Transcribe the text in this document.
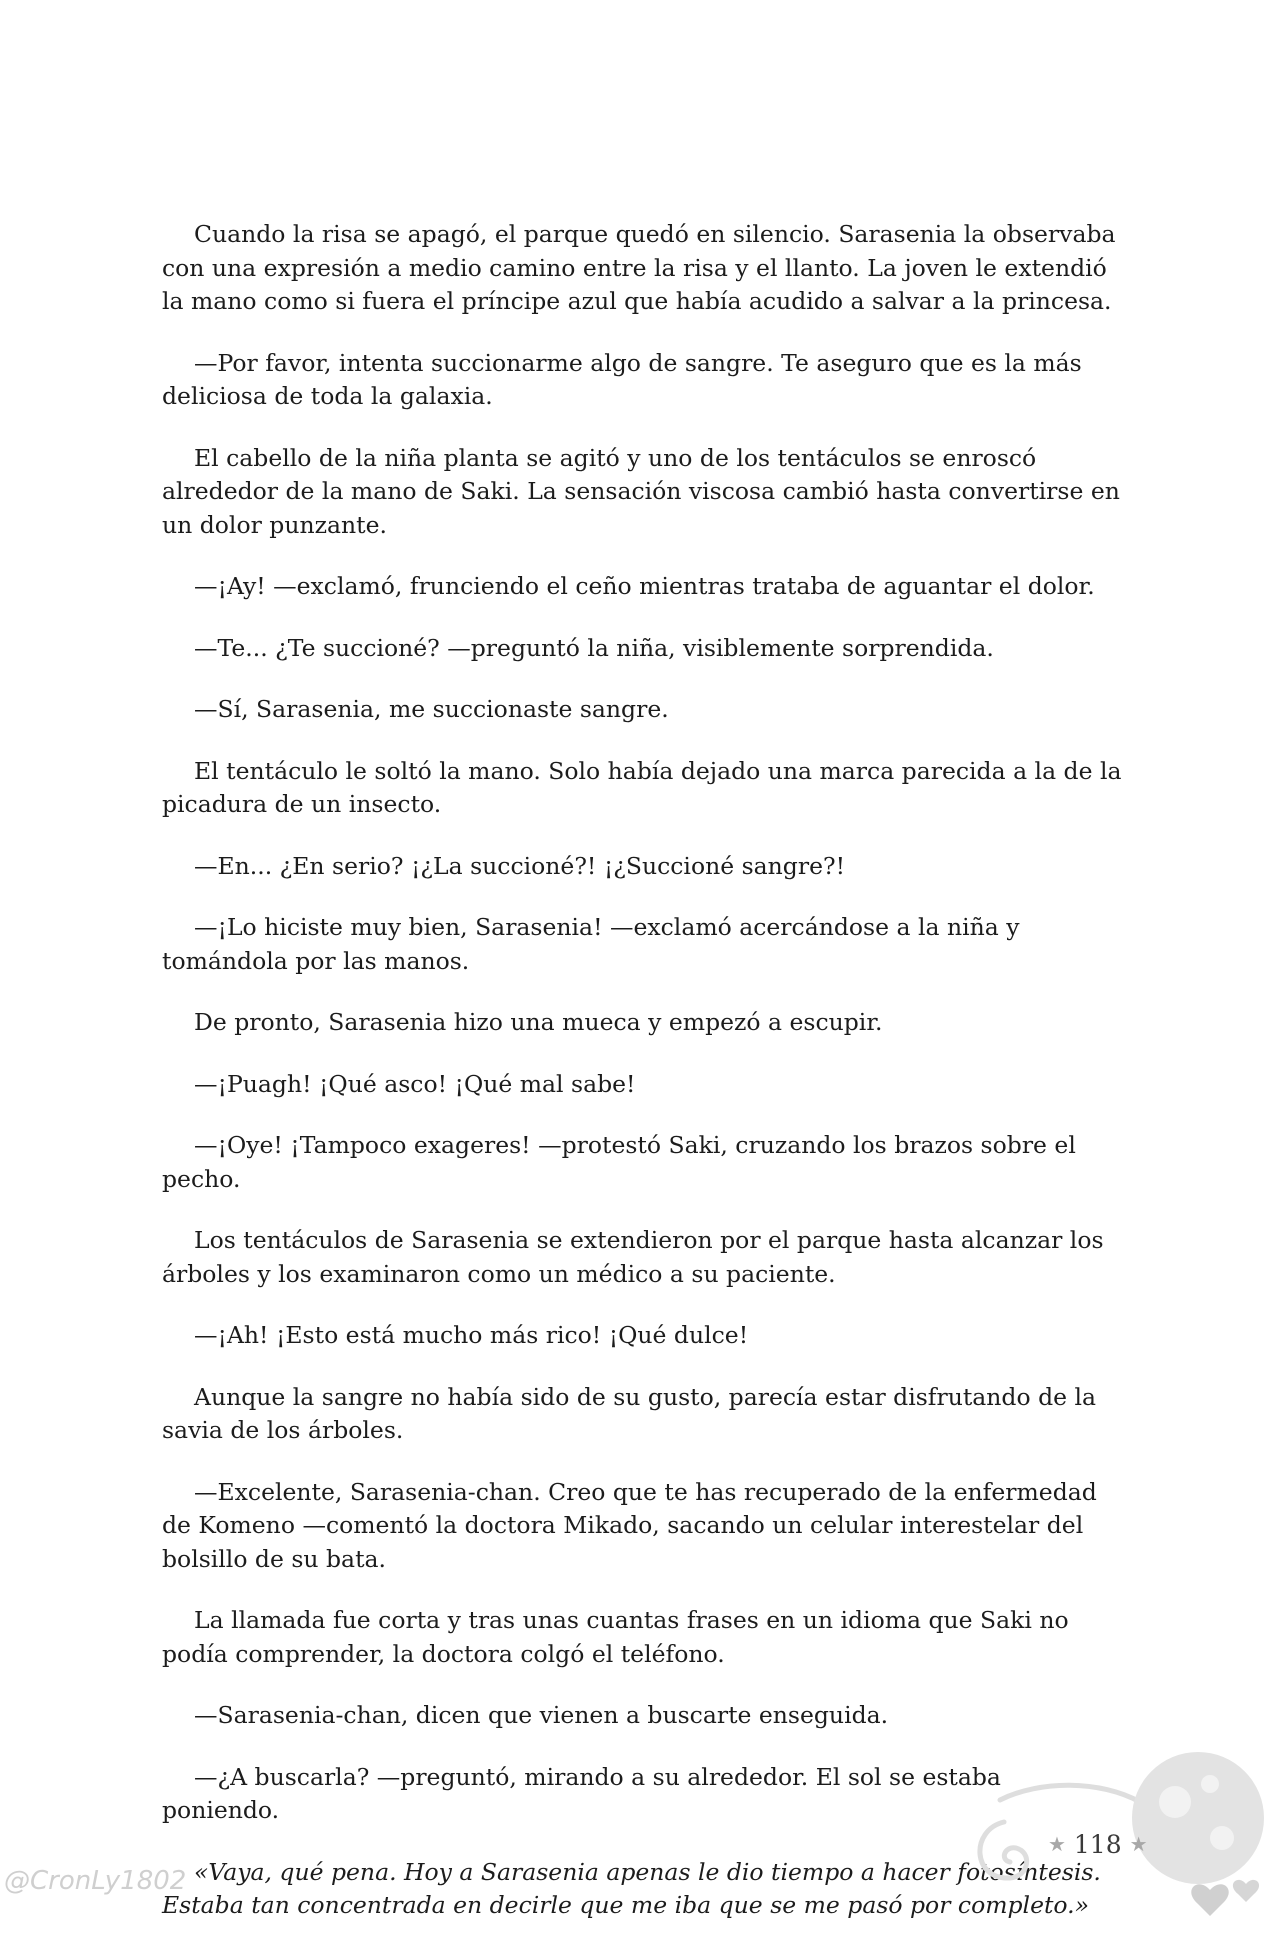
Cuando la risa se apagó, el parque quedó en silencio. Sarasenia la observaba con una expresión a medio camino entre la risa y el llanto. La joven le extendió la mano como si fuera el príncipe azul que había acudido a salvar a la princesa.

—Por favor, intenta succionarme algo de sangre. Te aseguro que es la más deliciosa de toda la galaxia.

El cabello de la niña planta se agitó y uno de los tentáculos se enroscó alrededor de la mano de Saki. La sensación viscosa cambió hasta convertirse en un dolor punzante.

—¡Ay! —exclamó, frunciendo el ceño mientras trataba de aguantar el dolor.

—Te... ¿Te succioné? —preguntó la niña, visiblemente sorprendida.

—Sí, Sarasenia, me succionaste sangre.

El tentáculo le soltó la mano. Solo había dejado una marca parecida a la de la picadura de un insecto.

—En... ¿En serio? ¡¿La succioné?! ¡¿Succioné sangre?!

—¡Lo hiciste muy bien, Sarasenia! —exclamó acercándose a la niña y tomándola por las manos.

De pronto, Sarasenia hizo una mueca y empezó a escupir.

—¡Puagh! ¡Qué asco! ¡Qué mal sabe!

—¡Oye! ¡Tampoco exageres! —protestó Saki, cruzando los brazos sobre el pecho.

Los tentáculos de Sarasenia se extendieron por el parque hasta alcanzar los árboles y los examinaron como un médico a su paciente.

—¡Ah! ¡Esto está mucho más rico! ¡Qué dulce!

Aunque la sangre no había sido de su gusto, parecía estar disfrutando de la savia de los árboles.

—Excelente, Sarasenia-chan. Creo que te has recuperado de la enfermedad de Komeno —comentó la doctora Mikado, sacando un celular interestelar del bolsillo de su bata.

La llamada fue corta y tras unas cuantas frases en un idioma que Saki no podía comprender, la doctora colgó el teléfono.

—Sarasenia-chan, dicen que vienen a buscarte enseguida.

—¿A buscarla? —preguntó, mirando a su alrededor. El sol se estaba poniendo.

«Vaya, qué pena. Hoy a Sarasenia apenas le dio tiempo a hacer fotosíntesis. Estaba tan concentrada en decirle que me iba que se me pasó por completo.»

★ 118 ★
@CronLy1802
